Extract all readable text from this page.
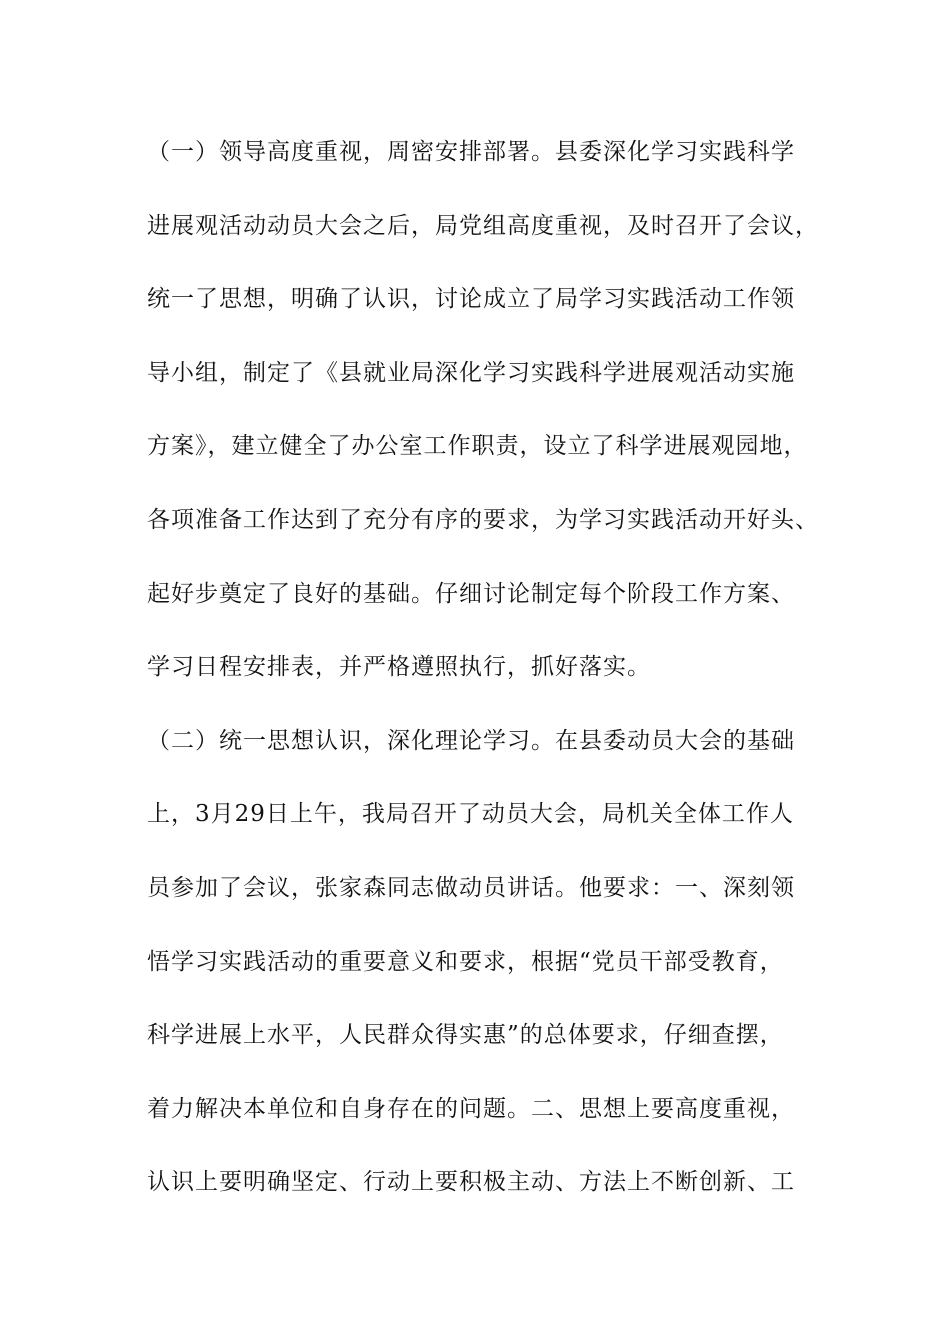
（一）领导高度重视，周密安排部署。县委深化学习实践科学
进展观活动动员大会之后，局党组高度重视，及时召开了会议，
统一了思想，明确了认识，讨论成立了局学习实践活动工作领
导小组，制定了《县就业局深化学习实践科学进展观活动实施
方案》，建立健全了办公室工作职责，设立了科学进展观园地，
各项准备工作达到了充分有序的要求，为学习实践活动开好头、
起好步奠定了良好的基础。仔细讨论制定每个阶段工作方案、
学习日程安排表，并严格遵照执行，抓好落实。
（二）统一思想认识，深化理论学习。在县委动员大会的基础
上，3月29日上午，我局召开了动员大会，局机关全体工作人
员参加了会议，张家森同志做动员讲话。他要求：一、深刻领
悟学习实践活动的重要意义和要求，根据“党员干部受教育，
科学进展上水平，人民群众得实惠”的总体要求，仔细查摆，
着力解决本单位和自身存在的问题。二、思想上要高度重视，
认识上要明确坚定、行动上要积极主动、方法上不断创新、工
